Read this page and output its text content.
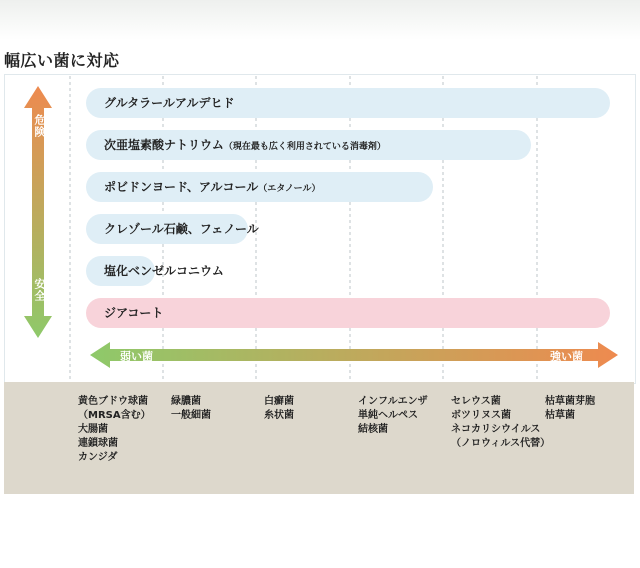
幅広い菌に対応
危険
安全
弱い菌	強い菌
グルタラールアルデヒド
次亜塩素酸ナトリウム（現在最も広く利用されている消毒剤）
ポビドンヨード、アルコール（エタノール）
クレゾール石鹸、フェノール
塩化ベンゼルコニウム
ジアコート
黄色ブドウ球菌
（MRSA含む）
大腸菌
連鎖球菌
カンジダ
緑膿菌
一般細菌
白癬菌
糸状菌
インフルエンザ
単純ヘルペス
結核菌
セレウス菌
ボツリヌス菌
ネコカリシウイルス
（ノロウィルス代替）
枯草菌芽胞
枯草菌
